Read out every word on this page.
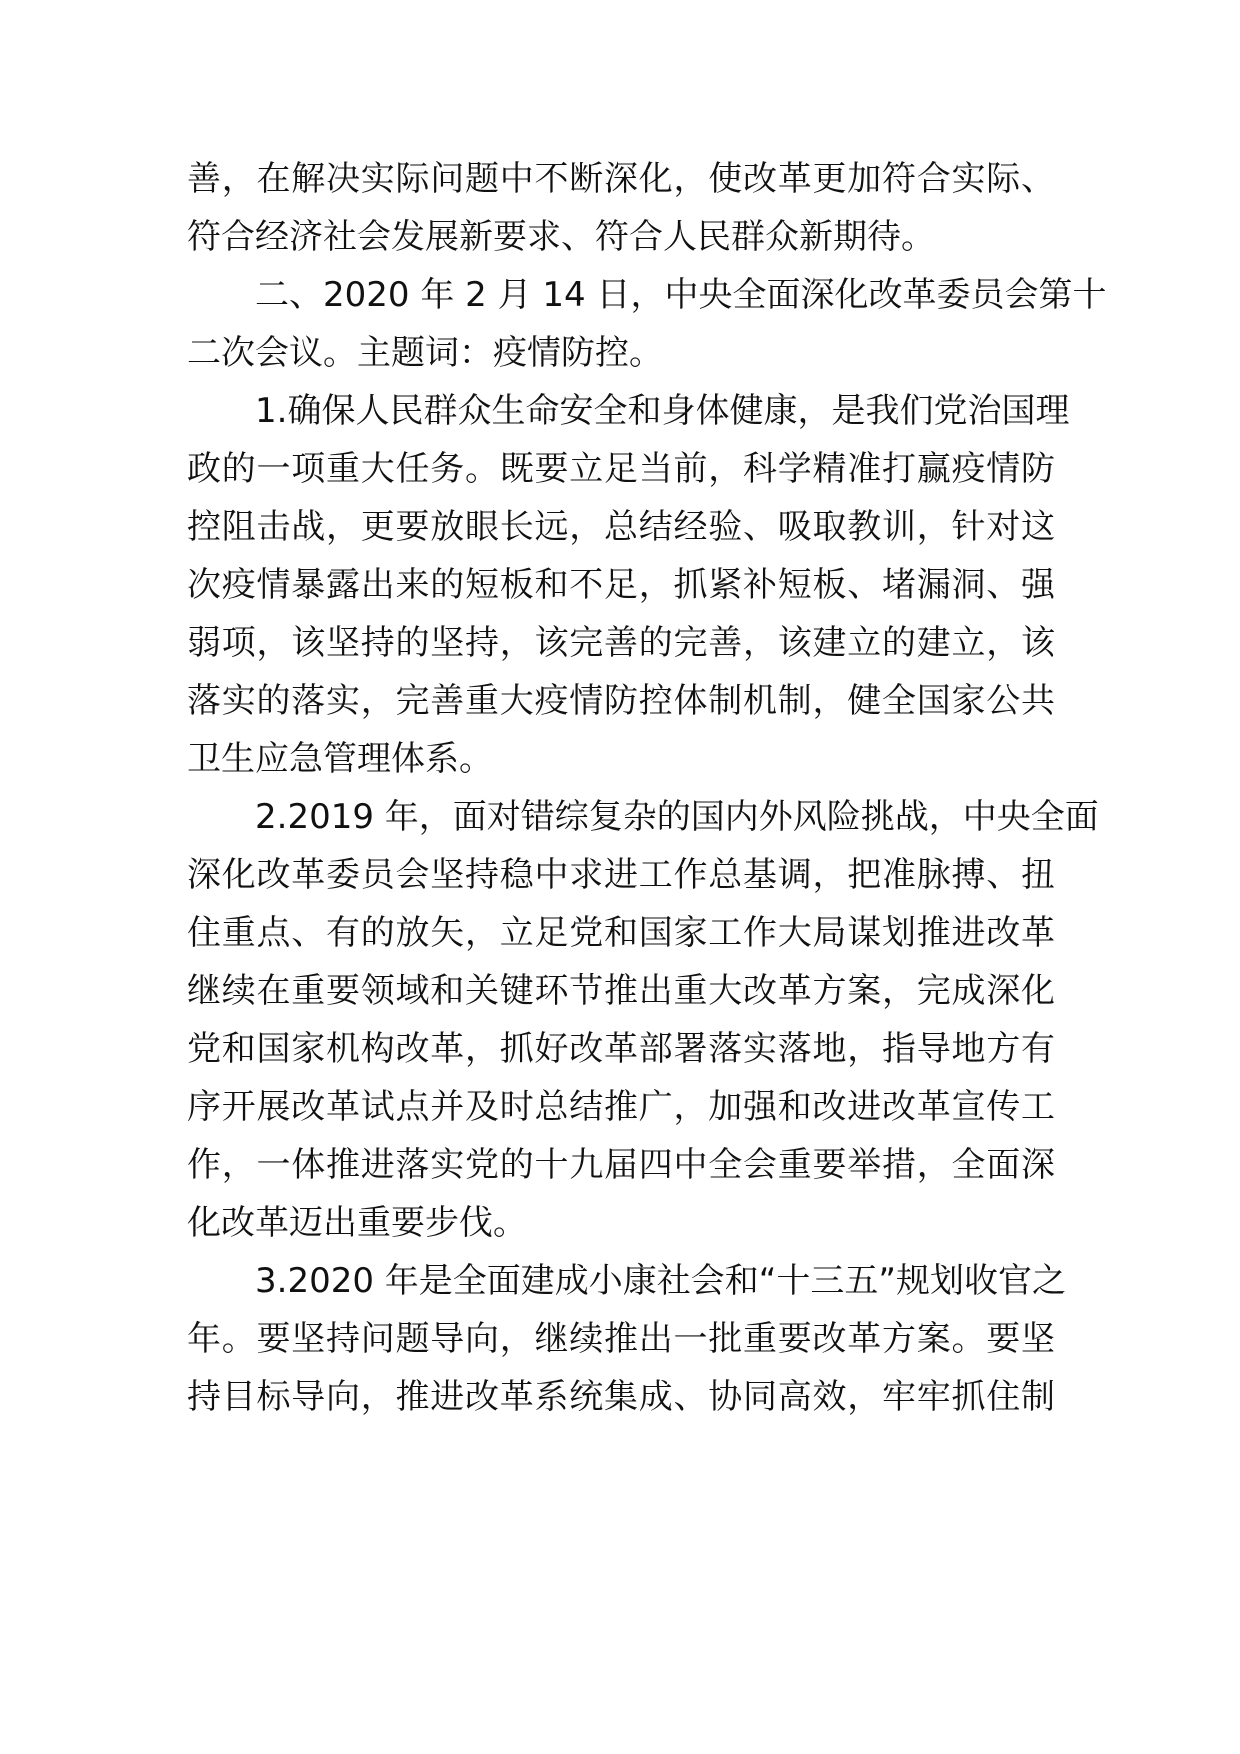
善，在解决实际问题中不断深化，使改革更加符合实际、
符合经济社会发展新要求、符合人民群众新期待。
二、2020 年 2 月 14 日，中央全面深化改革委员会第十
二次会议。主题词：疫情防控。
1.确保人民群众生命安全和身体健康，是我们党治国理
政的一项重大任务。既要立足当前，科学精准打赢疫情防
控阻击战，更要放眼长远，总结经验、吸取教训，针对这
次疫情暴露出来的短板和不足，抓紧补短板、堵漏洞、强
弱项，该坚持的坚持，该完善的完善，该建立的建立，该
落实的落实，完善重大疫情防控体制机制，健全国家公共
卫生应急管理体系。
2.2019 年，面对错综复杂的国内外风险挑战，中央全面
深化改革委员会坚持稳中求进工作总基调，把准脉搏、扭
住重点、有的放矢，立足党和国家工作大局谋划推进改革
继续在重要领域和关键环节推出重大改革方案，完成深化
党和国家机构改革，抓好改革部署落实落地，指导地方有
序开展改革试点并及时总结推广，加强和改进改革宣传工
作，一体推进落实党的十九届四中全会重要举措，全面深
化改革迈出重要步伐。
3.2020 年是全面建成小康社会和“十三五”规划收官之
年。要坚持问题导向，继续推出一批重要改革方案。要坚
持目标导向，推进改革系统集成、协同高效，牢牢抓住制
